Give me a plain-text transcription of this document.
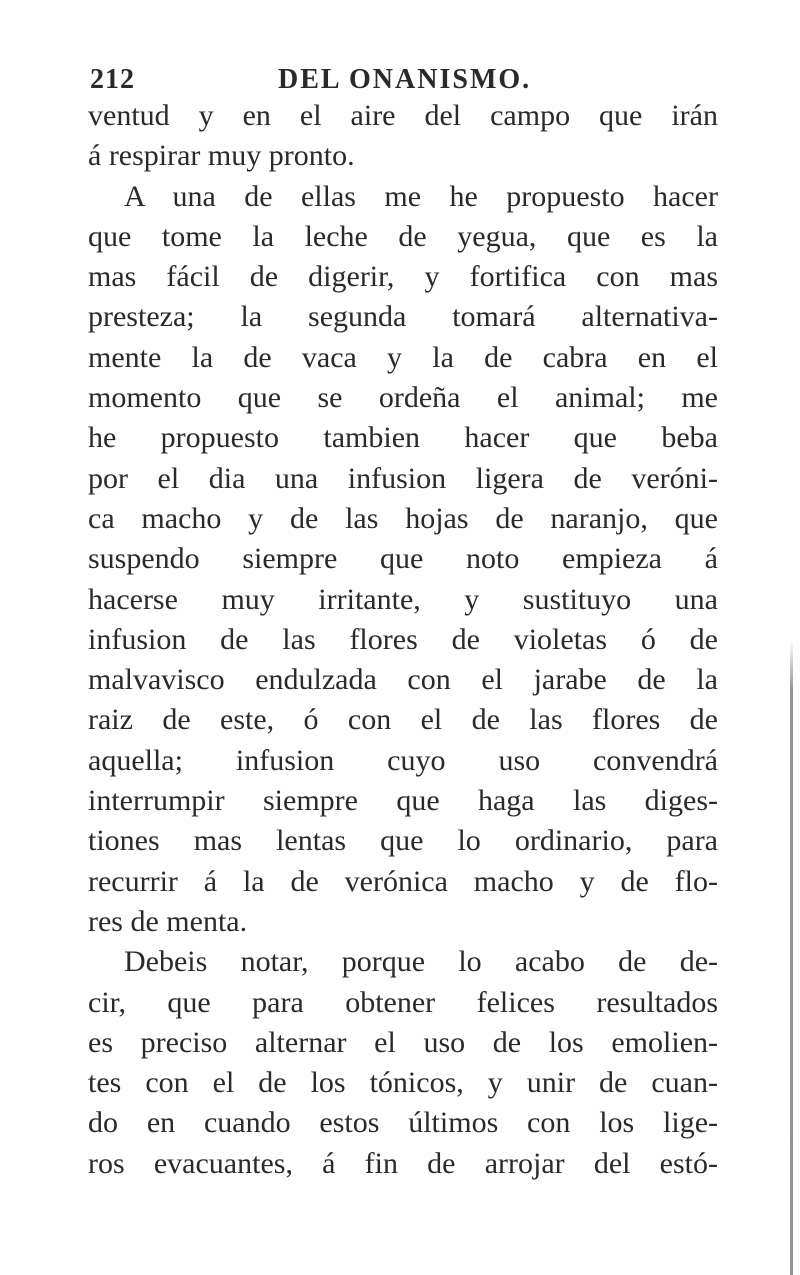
212	DEL ONANISMO.
ventud y en el aire del campo que irán
á respirar muy pronto.
A una de ellas me he propuesto hacer
que tome la leche de yegua, que es la
mas fácil de digerir, y fortifica con mas
presteza; la segunda tomará alternativa-
mente la de vaca y la de cabra en el
momento que se ordeña el animal; me
he propuesto tambien hacer que beba
por el dia una infusion ligera de veróni-
ca macho y de las hojas de naranjo, que
suspendo siempre que noto empieza á
hacerse muy irritante, y sustituyo una
infusion de las flores de violetas ó de
malvavisco endulzada con el jarabe de la
raiz de este, ó con el de las flores de
aquella; infusion cuyo uso convendrá
interrumpir siempre que haga las diges-
tiones mas lentas que lo ordinario, para
recurrir á la de verónica macho y de flo-
res de menta.
Debeis notar, porque lo acabo de de-
cir, que para obtener felices resultados
es preciso alternar el uso de los emolien-
tes con el de los tónicos, y unir de cuan-
do en cuando estos últimos con los lige-
ros evacuantes, á fin de arrojar del estó-
